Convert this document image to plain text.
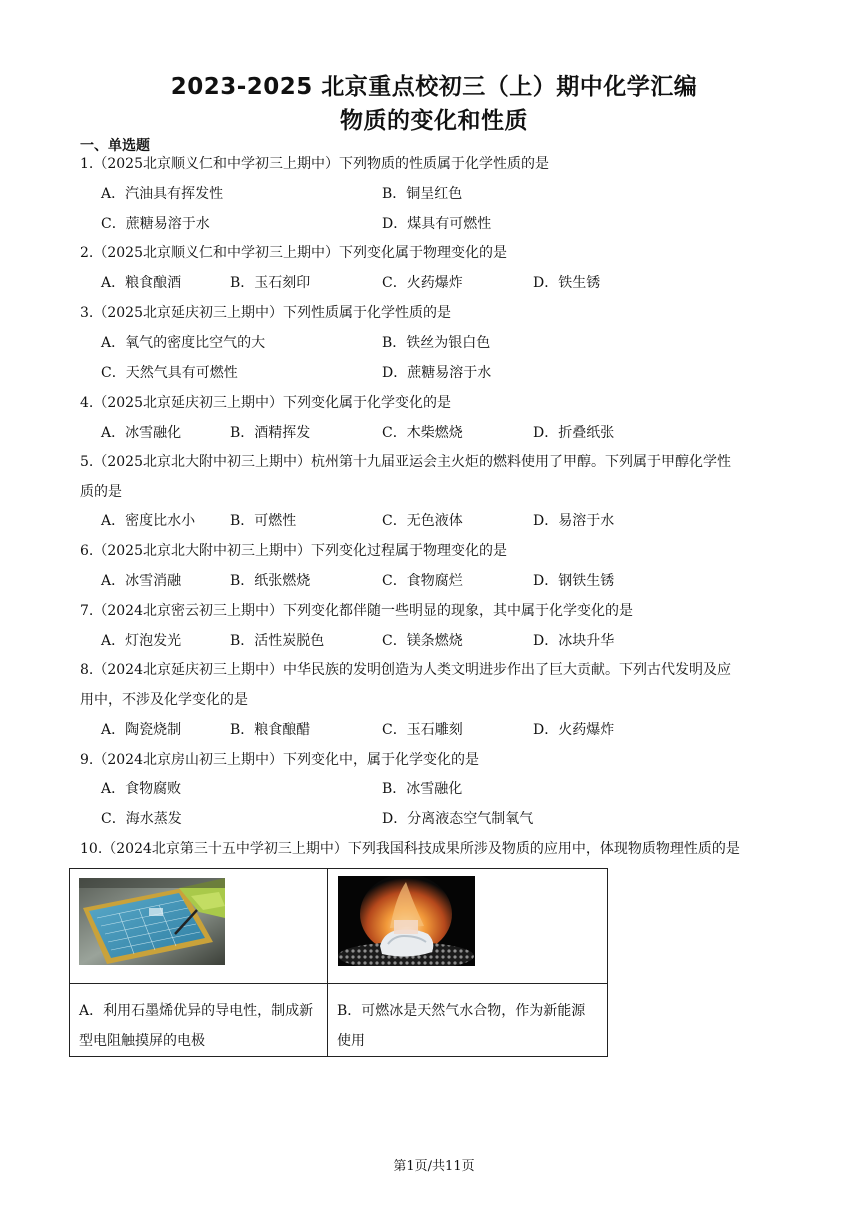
2023-2025 北京重点校初三（上）期中化学汇编
物质的变化和性质
一、单选题
1.（2025北京顺义仁和中学初三上期中）下列物质的性质属于化学性质的是
A．汽油具有挥发性	B．铜呈红色
C．蔗糖易溶于水	D．煤具有可燃性
2.（2025北京顺义仁和中学初三上期中）下列变化属于物理变化的是
A．粮食酿酒	B．玉石刻印	C．火药爆炸	D．铁生锈
3.（2025北京延庆初三上期中）下列性质属于化学性质的是
A．氧气的密度比空气的大	B．铁丝为银白色
C．天然气具有可燃性	D．蔗糖易溶于水
4.（2025北京延庆初三上期中）下列变化属于化学变化的是
A．冰雪融化	B．酒精挥发	C．木柴燃烧	D．折叠纸张
5.（2025北京北大附中初三上期中）杭州第十九届亚运会主火炬的燃料使用了甲醇。下列属于甲醇化学性
质的是
A．密度比水小 B．可燃性	C．无色液体	D．易溶于水
6.（2025北京北大附中初三上期中）下列变化过程属于物理变化的是
A．冰雪消融	B．纸张燃烧	C．食物腐烂	D．钢铁生锈
7.（2024北京密云初三上期中）下列变化都伴随一些明显的现象，其中属于化学变化的是
A．灯泡发光	B．活性炭脱色	C．镁条燃烧	D．冰块升华
8.（2024北京延庆初三上期中）中华民族的发明创造为人类文明进步作出了巨大贡献。下列古代发明及应
用中，不涉及化学变化的是
A．陶瓷烧制	B．粮食酿醋	C．玉石雕刻	D．火药爆炸
9.（2024北京房山初三上期中）下列变化中，属于化学变化的是
A．食物腐败	B．冰雪融化
C．海水蒸发	D．分离液态空气制氧气
10.（2024北京第三十五中学初三上期中）下列我国科技成果所涉及物质的应用中，体现物质物理性质的是

A．利用石墨烯优异的导电性，制成新型电阻触摸屏的电极	B．可燃冰是天然气水合物，作为新能源使用
第1页/共11页
